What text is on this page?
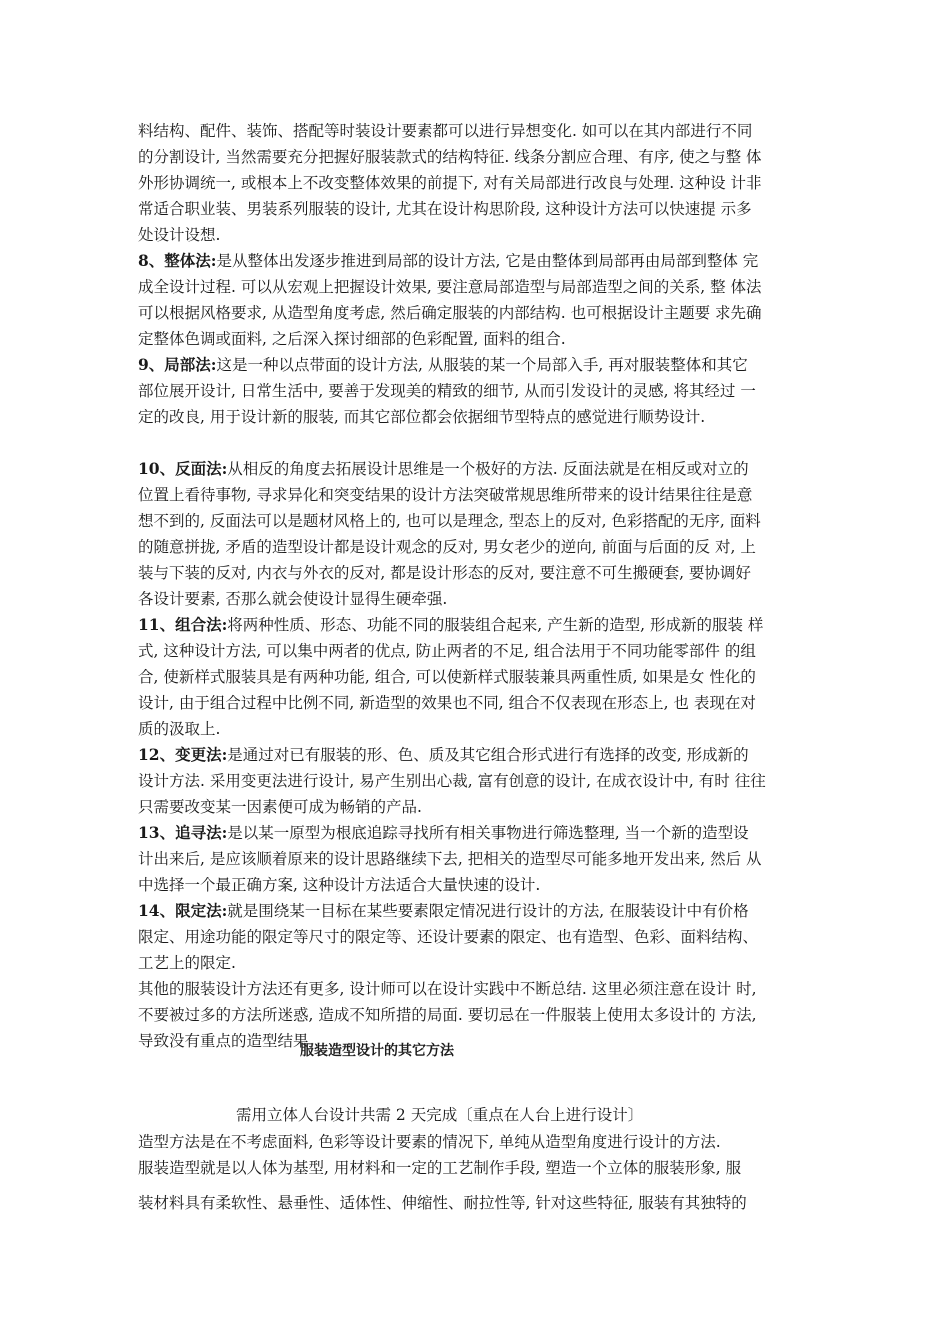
料结构、配件、装饰、搭配等时装设计要素都可以进行异想变化. 如可以在其内部进行不同
的分割设计, 当然需要充分把握好服装款式的结构特征. 线条分割应合理、有序, 使之与整 体
外形协调统一, 或根本上不改变整体效果的前提下, 对有关局部进行改良与处理. 这种设 计非
常适合职业装、男装系列服装的设计, 尤其在设计构思阶段, 这种设计方法可以快速提 示多
处设计设想.
8、整体法:是从整体出发逐步推进到局部的设计方法, 它是由整体到局部再由局部到整体 完
成全设计过程. 可以从宏观上把握设计效果, 要注意局部造型与局部造型之间的关系, 整 体法
可以根据风格要求, 从造型角度考虑, 然后确定服装的内部结构. 也可根据设计主题要 求先确
定整体色调或面料, 之后深入探讨细部的色彩配置, 面料的组合.
9、局部法:这是一种以点带面的设计方法, 从服装的某一个局部入手, 再对服装整体和其它
部位展开设计, 日常生活中, 要善于发现美的精致的细节, 从而引发设计的灵感, 将其经过 一
定的改良, 用于设计新的服装, 而其它部位都会依据细节型特点的感觉进行顺势设计.
10、反面法:从相反的角度去拓展设计思维是一个极好的方法. 反面法就是在相反或对立的
位置上看待事物, 寻求异化和突变结果的设计方法突破常规思维所带来的设计结果往往是意
想不到的, 反面法可以是题材风格上的, 也可以是理念, 型态上的反对, 色彩搭配的无序, 面料
的随意拼拢, 矛盾的造型设计都是设计观念的反对, 男女老少的逆向, 前面与后面的反 对, 上
装与下装的反对, 内衣与外衣的反对, 都是设计形态的反对, 要注意不可生搬硬套, 要协调好
各设计要素, 否那么就会使设计显得生硬牵强.
11、组合法:将两种性质、形态、功能不同的服装组合起来, 产生新的造型, 形成新的服装 样
式, 这种设计方法, 可以集中两者的优点, 防止两者的不足, 组合法用于不同功能零部件 的组
合, 使新样式服装具是有两种功能, 组合, 可以使新样式服装兼具两重性质, 如果是女 性化的
设计, 由于组合过程中比例不同, 新造型的效果也不同, 组合不仅表现在形态上, 也 表现在对
质的汲取上.
12、变更法:是通过对已有服装的形、色、质及其它组合形式进行有选择的改变, 形成新的
设计方法. 采用变更法进行设计, 易产生别出心裁, 富有创意的设计, 在成衣设计中, 有时 往往
只需要改变某一因素便可成为畅销的产品.
13、追寻法:是以某一原型为根底追踪寻找所有相关事物进行筛选整理, 当一个新的造型设
计出来后, 是应该顺着原来的设计思路继续下去, 把相关的造型尽可能多地开发出来, 然后 从
中选择一个最正确方案, 这种设计方法适合大量快速的设计.
14、限定法:就是围绕某一目标在某些要素限定情况进行设计的方法, 在服装设计中有价格
限定、用途功能的限定等尺寸的限定等、还设计要素的限定、也有造型、色彩、面料结构、
工艺上的限定.
其他的服装设计方法还有更多, 设计师可以在设计实践中不断总结. 这里必须注意在设计 时,
不要被过多的方法所迷惑, 造成不知所措的局面. 要切忌在一件服装上使用太多设计的 方法,
导致没有重点的造型结果
服装造型设计的其它方法
需用立体人台设计共需 2 天完成〔重点在人台上进行设计〕
造型方法是在不考虑面料, 色彩等设计要素的情况下, 单纯从造型角度进行设计的方法.
服装造型就是以人体为基型, 用材料和一定的工艺制作手段, 塑造一个立体的服装形象, 服
装材料具有柔软性、悬垂性、适体性、伸缩性、耐拉性等, 针对这些特征, 服装有其独特的
